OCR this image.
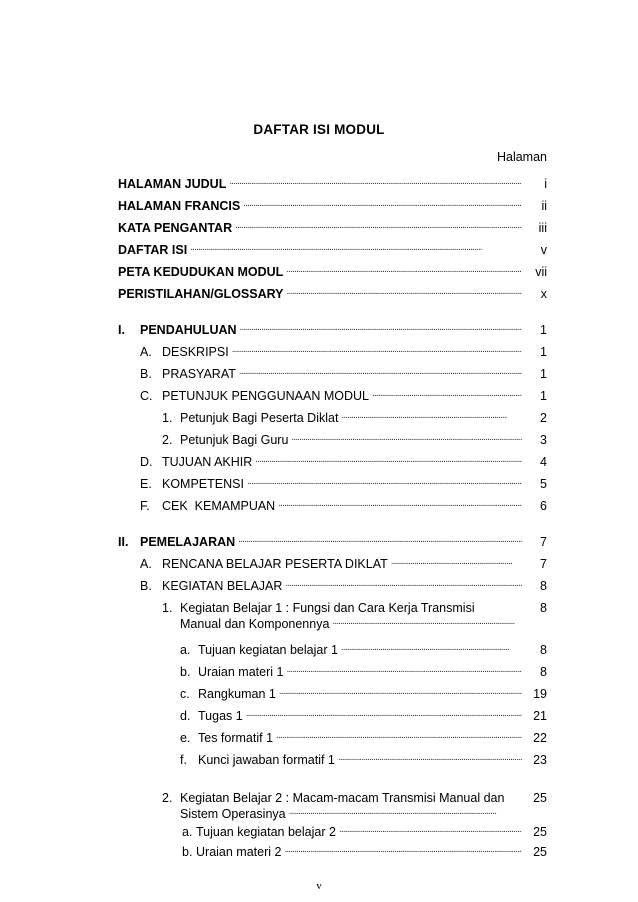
DAFTAR ISI MODUL
Halaman
HALAMAN JUDUL . . .	i
HALAMAN FRANCIS . . .	ii
KATA PENGANTAR . . .	iii
DAFTAR ISI . . .	v
PETA KEDUDUKAN MODUL . . .	vii
PERISTILAHAN/GLOSSARY . . .	x
I.	PENDAHULUAN . . .	1
A. DESKRIPSI . . .	1
B. PRASYARAT . . .	1
C. PETUNJUK PENGGUNAAN MODUL . . .	1
1. Petunjuk Bagi Peserta Diklat . . .	2
2. Petunjuk Bagi Guru . . .	3
D. TUJUAN AKHIR . . .	4
E. KOMPETENSI . . .	5
F. CEK  KEMAMPUAN . . .	6
II. PEMELAJARAN . . .	7
A. RENCANA BELAJAR PESERTA DIKLAT . . .	7
B. KEGIATAN BELAJAR . . .	8
1. Kegiatan Belajar 1 : Fungsi dan Cara Kerja Transmisi	8
Manual dan Komponennya
. . .
a. Tujuan kegiatan belajar 1 . . .	8
b. Uraian materi 1 . . .	8
c. Rangkuman 1 . . .	19
d. Tugas 1 . . .	21
e. Tes formatif 1 . . .	22
f. Kunci jawaban formatif 1 . . .	23
2. Kegiatan Belajar 2 : Macam-macam Transmisi Manual dan	25
Sistem Operasinya
. . .
v
a. Tujuan kegiatan belajar 2 . . .	25
b. Uraian materi 2 . . .	25
